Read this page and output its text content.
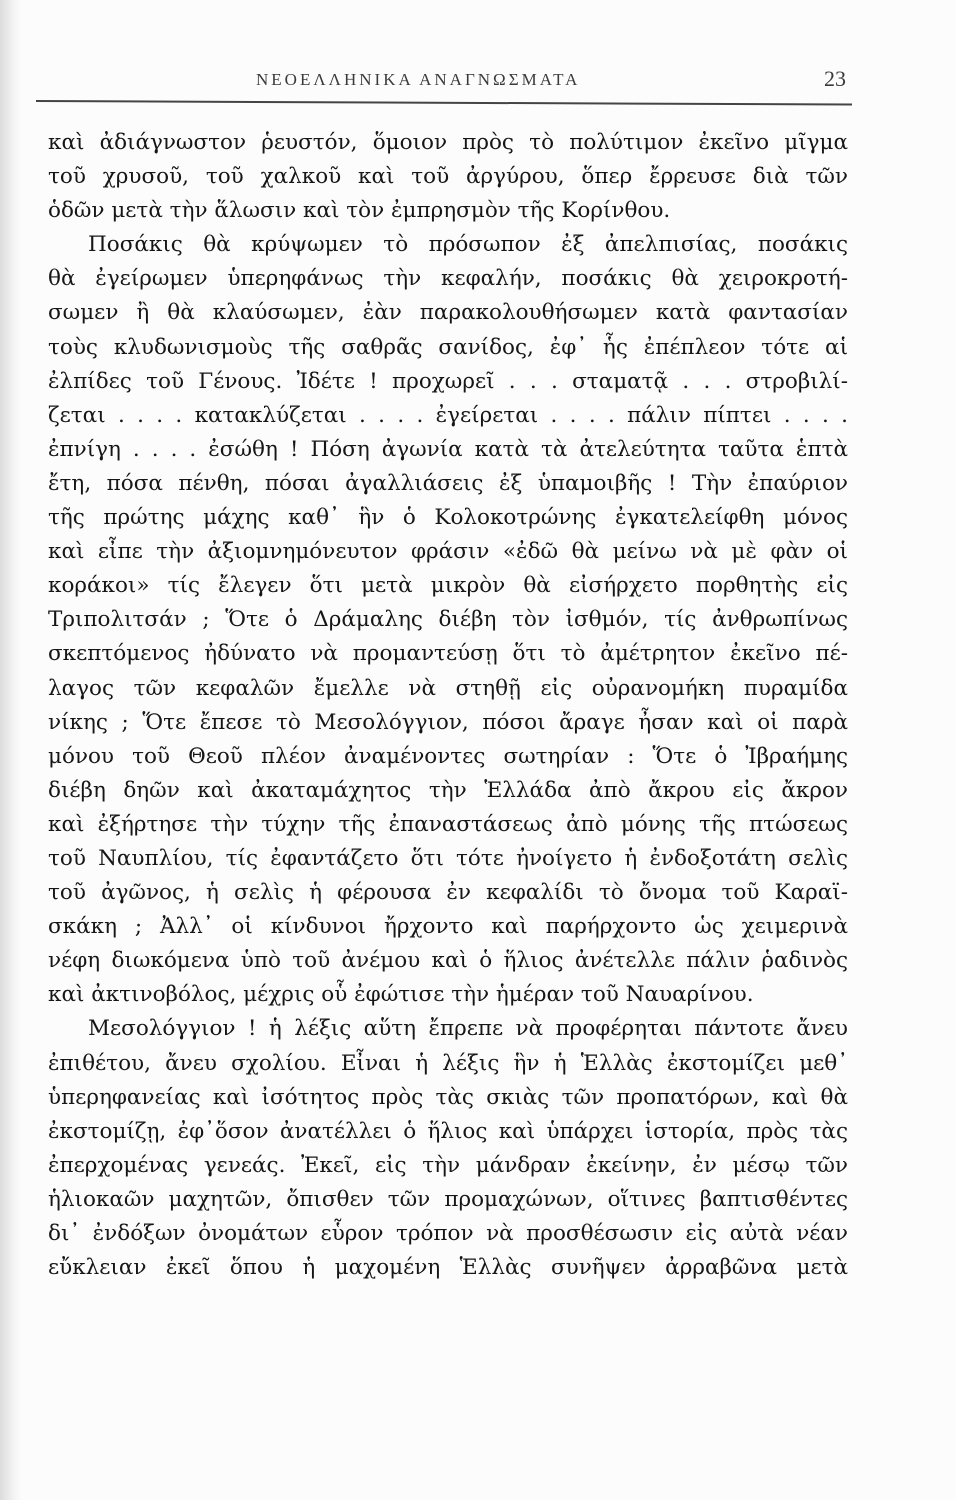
ΝΕΟΕΛΛΗΝΙΚΑ ΑΝΑΓΝΩΣΜΑΤΑ	23
καὶ ἀδιάγνωστον ῥευστόν, ὅμοιον πρὸς τὸ πολύτιμον ἐκεῖνο μῖγμα
τοῦ χρυσοῦ, τοῦ χαλκοῦ καὶ τοῦ ἀργύρου, ὅπερ ἔρρευσε διὰ τῶν
ὁδῶν μετὰ τὴν ἅλωσιν καὶ τὸν ἐμπρησμὸν τῆς Κορίνθου.
Ποσάκις θὰ κρύψωμεν τὸ πρόσωπον ἐξ ἀπελπισίας, ποσάκις
θὰ ἐγείρωμεν ὑπερηφάνως τὴν κεφαλήν, ποσάκις θὰ χειροκροτή-
σωμεν ἢ θὰ κλαύσωμεν, ἐὰν παρακολουθήσωμεν κατὰ φαντασίαν
τοὺς κλυδωνισμοὺς τῆς σαθρᾶς σανίδος, ἐφ᾽ ἧς ἐπέπλεον τότε αἱ
ἐλπίδες τοῦ Γένους. Ἰδέτε ! προχωρεῖ . . . σταματᾷ . . . στροβιλί-
ζεται . . . . κατακλύζεται . . . . ἐγείρεται . . . . πάλιν πίπτει . . . .
ἐπνίγη . . . . ἐσώθη ! Πόση ἀγωνία κατὰ τὰ ἀτελεύτητα ταῦτα ἑπτὰ
ἔτη, πόσα πένθη, πόσαι ἀγαλλιάσεις ἐξ ὑπαμοιβῆς ! Τὴν ἐπαύριον
τῆς πρώτης μάχης καθ᾽ ἣν ὁ Κολοκοτρώνης ἐγκατελείφθη μόνος
καὶ εἶπε τὴν ἀξιομνημόνευτον φράσιν «ἐδῶ θὰ μείνω νὰ μὲ φὰν οἱ
κοράκοι» τίς ἔλεγεν ὅτι μετὰ μικρὸν θὰ εἰσήρχετο πορθητὴς εἰς
Τριπολιτσάν ; Ὅτε ὁ Δράμαλης διέβη τὸν ἰσθμόν, τίς ἀνθρωπίνως
σκεπτόμενος ἠδύνατο νὰ προμαντεύσῃ ὅτι τὸ ἀμέτρητον ἐκεῖνο πέ-
λαγος τῶν κεφαλῶν ἔμελλε νὰ στηθῇ εἰς οὐρανομήκη πυραμίδα
νίκης ; Ὅτε ἔπεσε τὸ Μεσολόγγιον, πόσοι ἄραγε ἦσαν καὶ οἱ παρὰ
μόνου τοῦ Θεοῦ πλέον ἀναμένοντες σωτηρίαν : Ὅτε ὁ Ἰβραήμης
διέβη δηῶν καὶ ἀκαταμάχητος τὴν Ἑλλάδα ἀπὸ ἄκρου εἰς ἄκρον
καὶ ἐξήρτησε τὴν τύχην τῆς ἐπαναστάσεως ἀπὸ μόνης τῆς πτώσεως
τοῦ Ναυπλίου, τίς ἐφαντάζετο ὅτι τότε ἠνοίγετο ἡ ἐνδοξοτάτη σελὶς
τοῦ ἀγῶνος, ἡ σελὶς ἡ φέρουσα ἐν κεφαλίδι τὸ ὄνομα τοῦ Καραϊ-
σκάκη ; Ἀλλ᾽ οἱ κίνδυνοι ἤρχοντο καὶ παρήρχοντο ὡς χειμερινὰ
νέφη διωκόμενα ὑπὸ τοῦ ἀνέμου καὶ ὁ ἥλιος ἀνέτελλε πάλιν ῥαδινὸς
καὶ ἀκτινοβόλος, μέχρις οὗ ἐφώτισε τὴν ἡμέραν τοῦ Ναυαρίνου.
Μεσολόγγιον ! ἡ λέξις αὕτη ἔπρεπε νὰ προφέρηται πάντοτε ἄνευ
ἐπιθέτου, ἄνευ σχολίου. Εἶναι ἡ λέξις ἣν ἡ Ἑλλὰς ἐκστομίζει μεθ᾽
ὑπερηφανείας καὶ ἰσότητος πρὸς τὰς σκιὰς τῶν προπατόρων, καὶ θὰ
ἐκστομίζῃ, ἐφ᾽ὅσον ἀνατέλλει ὁ ἥλιος καὶ ὑπάρχει ἱστορία, πρὸς τὰς
ἐπερχομένας γενεάς. Ἐκεῖ, εἰς τὴν μάνδραν ἐκείνην, ἐν μέσῳ τῶν
ἡλιοκαῶν μαχητῶν, ὄπισθεν τῶν προμαχώνων, οἵτινες βαπτισθέντες
δι᾽ ἐνδόξων ὀνομάτων εὗρον τρόπον νὰ προσθέσωσιν εἰς αὐτὰ νέαν
εὔκλειαν ἐκεῖ ὅπου ἡ μαχομένη Ἑλλὰς συνῆψεν ἀρραβῶνα μετὰ
